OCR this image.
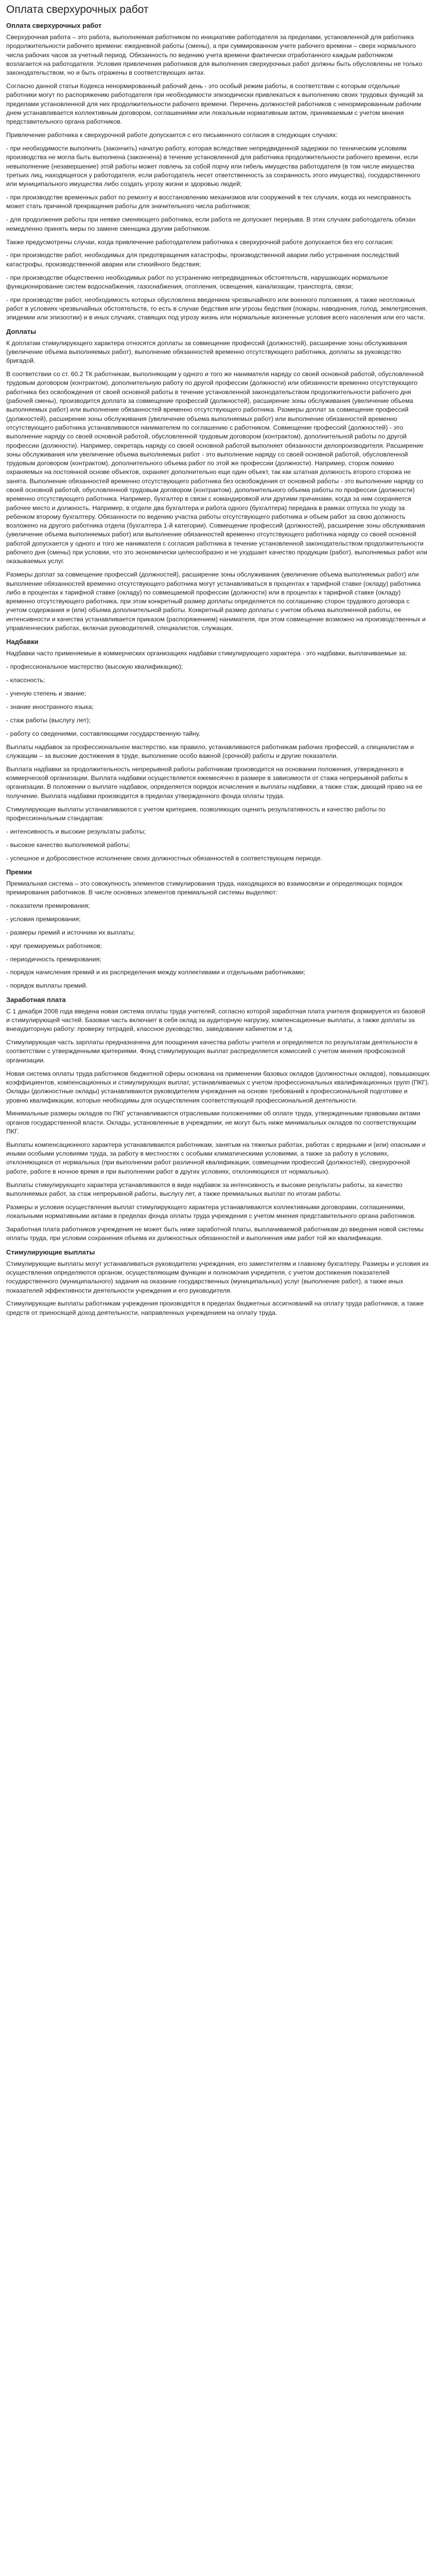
Оплата сверхурочных работ
Оплата сверхурочных работ

Сверхурочная работа – это работа, выполняемая работником по инициативе работодателя за пределами, установленной для работника продолжительности рабочего времени: ежедневной работы (смены), а при суммированном учете рабочего времени – сверх нормального числа рабочих часов за учетный период. Обязанность по ведению учета времени фактически отработанного каждым работником возлагается на работодателя. Условия привлечения работников для выполнения сверхурочных работ должны быть обусловлены не только законодательством, но и быть отражены в соответствующих актах.

Согласно данной статьи Кодекса ненормированный рабочий день - это особый режим работы, в соответствии с которым отдельные работники могут по распоряжению работодателя при необходимости эпизодически привлекаться к выполнению своих трудовых функций за пределами установленной для них продолжительности рабочего времени. Перечень должностей работников с ненормированным рабочим днем устанавливается коллективным договором, соглашениями или локальным нормативным актом, принимаемым с учетом мнения представительного органа работников.

Привлечение работника к сверхурочной работе допускается с его письменного согласия в следующих случаях:

- при необходимости выполнить (закончить) начатую работу, которая вследствие непредвиденной задержки по техническим условиям производства не могла быть выполнена (закончена) в течение установленной для работника продолжительности рабочего времени, если невыполнение (незавершение) этой работы может повлечь за собой порчу или гибель имущества работодателя (в том числе имущества третьих лиц, находящегося у работодателя, если работодатель несет ответственность за сохранность этого имущества), государственного или муниципального имущества либо создать угрозу жизни и здоровью людей;

- при производстве временных работ по ремонту и восстановлению механизмов или сооружений в тех случаях, когда их неисправность может стать причиной прекращения работы для значительного числа работников;

- для продолжения работы при неявке сменяющего работника, если работа не допускает перерыва. В этих случаях работодатель обязан немедленно принять меры по замене сменщика другим работником.

Также предусмотрены случаи, когда привлечение работодателем работника к сверхурочной работе допускается без его согласия:

- при производстве работ, необходимых для предотвращения катастрофы, производственной аварии либо устранения последствий катастрофы, производственной аварии или стихийного бедствия;

- при производстве общественно необходимых работ по устранению непредвиденных обстоятельств, нарушающих нормальное функционирование систем водоснабжения, газоснабжения, отопления, освещения, канализации, транспорта, связи;

- при производстве работ, необходимость которых обусловлена введением чрезвычайного или военного положения, а также неотложных работ в условиях чрезвычайных обстоятельств, то есть в случае бедствия или угрозы бедствия (пожары, наводнения, голод, землетрясения, эпидемии или эпизоотии) и в иных случаях, ставящих под угрозу жизнь или нормальные жизненные условия всего населения или его части.

Доплаты

К доплатам стимулирующего характера относятся доплаты за совмещение профессий (должностей), расширение зоны обслуживания (увеличение объема выполняемых работ), выполнение обязанностей временно отсутствующего работника, доплаты за руководство бригадой.

В соответствии со ст. 60.2 ТК работникам, выполняющим у одного и того же нанимателя наряду со своей основной работой, обусловленной трудовым договором (контрактом), дополнительную работу по другой профессии (должности) или обязанности временно отсутствующего работника без освобождения от своей основной работы в течение установленной законодательством продолжительности рабочего дня (рабочей смены), производится доплата за совмещение профессий (должностей), расширение зоны обслуживания (увеличение объема выполняемых работ) или выполнение обязанностей временно отсутствующего работника. Размеры доплат за совмещение профессий (должностей), расширение зоны обслуживания (увеличение объема выполняемых работ) или выполнение обязанностей временно отсутствующего работника устанавливаются нанимателем по соглашению с работником. Совмещение профессий (должностей) - это выполнение наряду со своей основной работой, обусловленной трудовым договором (контрактом), дополнительной работы по другой профессии (должности). Например, секретарь наряду со своей основной работой выполняет обязанности делопроизводителя. Расширение зоны обслуживания или увеличение объема выполняемых работ - это выполнение наряду со своей основной работой, обусловленной трудовым договором (контрактом), дополнительного объема работ по этой же профессии (должности). Например, сторож помимо охраняемых на постоянной основе объектов, охраняет дополнительно еще один объект, так как штатная должность второго сторожа не занята. Выполнение обязанностей временно отсутствующего работника без освобождения от основной работы - это выполнение наряду со своей основной работой, обусловленной трудовым договором (контрактом), дополнительного объема работы по профессии (должности) временно отсутствующего работника. Например, бухгалтер в связи с командировкой или другими причинами, когда за ним сохраняется рабочее место и должность. Например, в отделе два бухгалтера и работа одного (бухгалтера) передана в рамках отпуска по уходу за ребенком второму бухгалтеру. Обязанности по ведению участка работы отсутствующего работника и объем работ за свою должность возложено на другого работника отдела (бухгалтера 1-й категории). Совмещение профессий (должностей), расширение зоны обслуживания (увеличение объема выполняемых работ) или выполнение обязанностей временно отсутствующего работника наряду со своей основной работой допускается у одного и того же нанимателя с согласия работника в течение установленной законодательством продолжительности рабочего дня (смены) при условии, что это экономически целесообразно и не ухудшает качество продукции (работ), выполняемых работ или оказываемых услуг.

Размеры доплат за совмещение профессий (должностей), расширение зоны обслуживания (увеличение объема выполняемых работ) или выполнение обязанностей временно отсутствующего работника могут устанавливаться в процентах к тарифной ставке (окладу) работника либо в процентах к тарифной ставке (окладу) по совмещаемой профессии (должности) или в процентах к тарифной ставке (окладу) временно отсутствующего работника, при этом конкретный размер доплаты определяется по соглашению сторон трудового договора с учетом содержания и (или) объема дополнительной работы. Конкретный размер доплаты с учетом объема выполненной работы, ее интенсивности и качества устанавливается приказом (распоряжением) нанимателя, при этом совмещение возможно на производственных и управленческих работах, включая руководителей, специалистов, служащих.

Надбавки

Надбавки часто применяемые в коммерческих организациях надбавки стимулирующего характера - это надбавки, выплачиваемые за:

- профессиональное мастерство (высокую квалификацию);

- классность;

- ученую степень и звание;

- знание иностранного языка;

- стаж работы (выслугу лет);

- работу со сведениями, составляющими государственную тайну.

Выплаты надбавок за профессиональное мастерство, как правило, устанавливаются работникам рабочих профессий, а специалистам и служащим – за высокие достижения в труде, выполнение особо важной (срочной) работы и другие показатели.

Выплата надбавки за продолжительность непрерывной работы работникам производится на основании положения, утвержденного в коммерческой организации. Выплата надбавки осуществляется ежемесячно в размере в зависимости от стажа непрерывной работы в организации. В положении о выплате надбавок, определяется порядок исчисления и выплаты надбавки, а также стаж, дающий право на ее получение. Выплата надбавки производится в пределах утвержденного фонда оплаты труда.

Стимулирующие выплаты устанавливаются с учетом критериев, позволяющих оценить результативность и качество работы по профессиональным стандартам:

- интенсивность и высокие результаты работы;

- высокое качество выполняемой работы;

- успешное и добросовестное исполнение своих должностных обязанностей в соответствующем периоде.

Премии

Премиальная система – это совокупность элементов стимулирования труда, находящихся во взаимосвязи и определяющих порядок премирования работников. В числе основных элементов премиальной системы выделяют:

- показатели премирования;

- условия премирования;

- размеры премий и источники их выплаты;

- круг премируемых работников;

- периодичность премирования;

- порядок начисления премий и их распределения между коллективами и отдельными работниками;

- порядок выплаты премий.

Заработная плата

С 1 декабря 2008 года введена новая система оплаты труда учителей, согласно которой заработная плата учителя формируется из базовой и стимулирующей частей. Базовая часть включает в себя оклад за аудиторную нагрузку, компенсационные выплаты, а также доплаты за внеаудиторную работу: проверку тетрадей, классное руководство, заведование кабинетом и т.д.

Стимулирующая часть зарплаты предназначена для поощрения качества работы учителя и определяется по результатам деятельности в соответствии с утвержденными критериями. Фонд стимулирующих выплат распределяется комиссией с учетом мнения профсоюзной организации.

Новая система оплаты труда работников бюджетной сферы основана на применении базовых окладов (должностных окладов), повышающих коэффициентов, компенсационных и стимулирующих выплат, устанавливаемых с учетом профессиональных квалификационных групп (ПКГ). Оклады (должностные оклады) устанавливаются руководителем учреждения на основе требований к профессиональной подготовке и уровню квалификации, которые необходимы для осуществления соответствующей профессиональной деятельности.

Минимальные размеры окладов по ПКГ устанавливаются отраслевыми положениями об оплате труда, утвержденными правовыми актами органов государственной власти. Оклады, установленные в учреждении, не могут быть ниже минимальных окладов по соответствующим ПКГ.

Выплаты компенсационного характера устанавливаются работникам, занятым на тяжелых работах, работах с вредными и (или) опасными и иными особыми условиями труда, за работу в местностях с особыми климатическими условиями, а также за работу в условиях, отклоняющихся от нормальных (при выполнении работ различной квалификации, совмещении профессий (должностей), сверхурочной работе, работе в ночное время и при выполнении работ в других условиях, отклоняющихся от нормальных).

Выплаты стимулирующего характера устанавливаются в виде надбавок за интенсивность и высокие результаты работы, за качество выполняемых работ, за стаж непрерывной работы, выслугу лет, а также премиальных выплат по итогам работы.

Размеры и условия осуществления выплат стимулирующего характера устанавливаются коллективными договорами, соглашениями, локальными нормативными актами в пределах фонда оплаты труда учреждения с учетом мнения представительного органа работников.

Заработная плата работников учреждения не может быть ниже заработной платы, выплачиваемой работникам до введения новой системы оплаты труда, при условии сохранения объема их должностных обязанностей и выполнения ими работ той же квалификации.

Стимулирующие выплаты

Стимулирующие выплаты могут устанавливаться руководителю учреждения, его заместителям и главному бухгалтеру. Размеры и условия их осуществления определяются органом, осуществляющим функции и полномочия учредителя, с учетом достижения показателей государственного (муниципального) задания на оказание государственных (муниципальных) услуг (выполнение работ), а также иных показателей эффективности деятельности учреждения и его руководителя.

Стимулирующие выплаты работникам учреждения производятся в пределах бюджетных ассигнований на оплату труда работников, а также средств от приносящей доход деятельности, направленных учреждением на оплату труда.
